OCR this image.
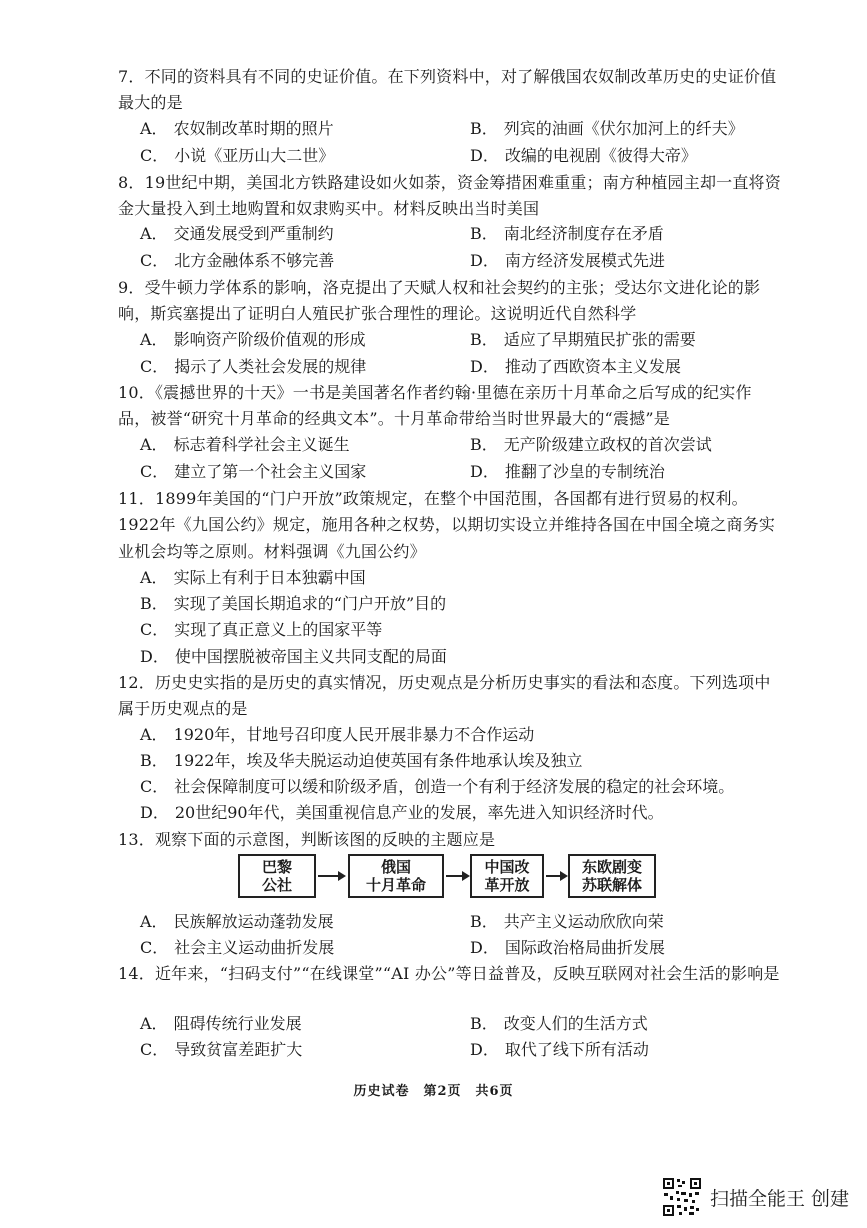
7．不同的资料具有不同的史证价值。在下列资料中，对了解俄国农奴制改革历史的史证价值最大的是

A． 农奴制改革时期的照片	B． 列宾的油画《伏尔加河上的纤夫》
C． 小说《亚历山大二世》	D． 改编的电视剧《彼得大帝》

8．19世纪中期，美国北方铁路建设如火如荼，资金筹措困难重重；南方种植园主却一直将资金大量投入到土地购置和奴隶购买中。材料反映出当时美国

A． 交通发展受到严重制约	B． 南北经济制度存在矛盾
C． 北方金融体系不够完善	D． 南方经济发展模式先进

9．受牛顿力学体系的影响，洛克提出了天赋人权和社会契约的主张；受达尔文进化论的影响，斯宾塞提出了证明白人殖民扩张合理性的理论。这说明近代自然科学

A． 影响资产阶级价值观的形成	B． 适应了早期殖民扩张的需要
C． 揭示了人类社会发展的规律	D． 推动了西欧资本主义发展

10．《震撼世界的十天》一书是美国著名作者约翰·里德在亲历十月革命之后写成的纪实作品，被誉“研究十月革命的经典文本”。十月革命带给当时世界最大的“震撼”是

A． 标志着科学社会主义诞生	B． 无产阶级建立政权的首次尝试
C． 建立了第一个社会主义国家	D． 推翻了沙皇的专制统治

11．1899年美国的“门户开放”政策规定，在整个中国范围，各国都有进行贸易的权利。1922年《九国公约》规定，施用各种之权势，以期切实设立并维持各国在中国全境之商务实业机会均等之原则。材料强调《九国公约》

A． 实际上有利于日本独霸中国
B． 实现了美国长期追求的“门户开放”目的
C． 实现了真正意义上的国家平等
D． 使中国摆脱被帝国主义共同支配的局面

12．历史史实指的是历史的真实情况，历史观点是分析历史事实的看法和态度。下列选项中属于历史观点的是

A． 1920年，甘地号召印度人民开展非暴力不合作运动
B． 1922年，埃及华夫脱运动迫使英国有条件地承认埃及独立
C． 社会保障制度可以缓和阶级矛盾，创造一个有利于经济发展的稳定的社会环境。
D． 20世纪90年代，美国重视信息产业的发展，率先进入知识经济时代。

13．观察下面的示意图，判断该图的反映的主题应是

巴黎
公社
俄国
十月革命
中国改
革开放
东欧剧变
苏联解体
A． 民族解放运动蓬勃发展	B． 共产主义运动欣欣向荣
C． 社会主义运动曲折发展	D． 国际政治格局曲折发展

14．近年来，“扫码支付”“在线课堂”“AI 办公”等日益普及，反映互联网对社会生活的影响是

A． 阻碍传统行业发展	B． 改变人们的生活方式
C． 导致贫富差距扩大	D． 取代了线下所有活动
历史试卷　第2页　共6页
扫描全能王 创建
